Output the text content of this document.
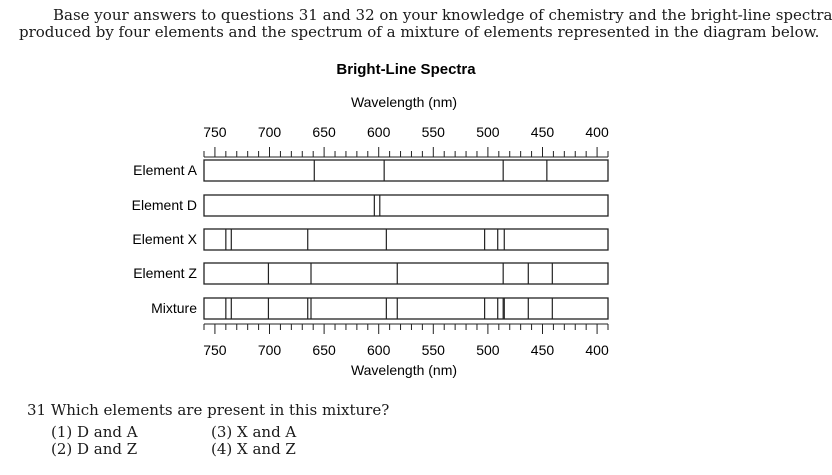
Base your answers to questions 31 and 32 on your knowledge of chemistry and the bright-line spectra
produced by four elements and the spectrum of a mixture of elements represented in the diagram below.
Bright-Line Spectra
Wavelength (nm)
750 700 650 600 550 500 450 400
Element A
Element D
Element X
Element Z
Mixture
750 700 650 600 550 500 450 400
Wavelength (nm)
31 Which elements are present in this mixture?
(1) D and A
(2) D and Z
(3) X and A
(4) X and Z
